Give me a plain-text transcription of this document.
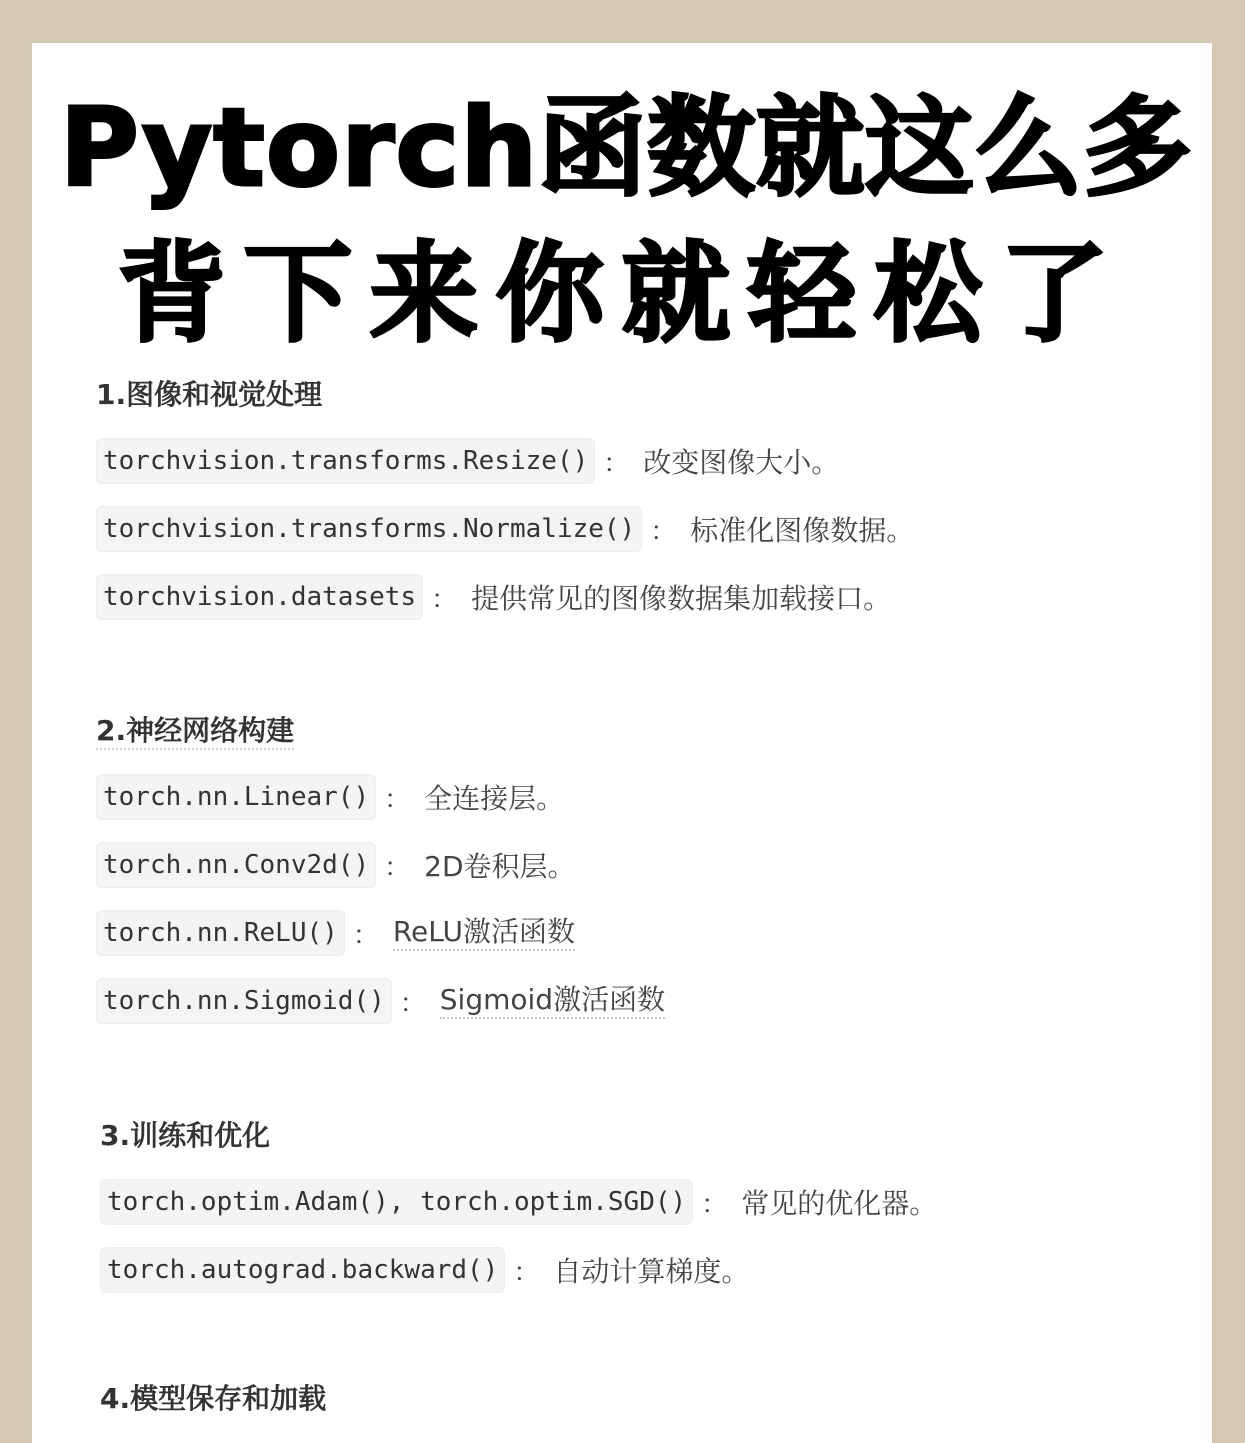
Pytorch函数就这么多
背下来你就轻松了
1.图像和视觉处理
torchvision.transforms.Resize() ： 改变图像大小。
torchvision.transforms.Normalize() ： 标准化图像数据。
torchvision.datasets ： 提供常见的图像数据集加载接口。
2.神经网络构建
torch.nn.Linear() ： 全连接层。
torch.nn.Conv2d() ： 2D卷积层。
torch.nn.ReLU() ： ReLU激活函数
torch.nn.Sigmoid() ： Sigmoid激活函数
3.训练和优化
torch.optim.Adam(), torch.optim.SGD() ： 常见的优化器。
torch.autograd.backward() ： 自动计算梯度。
4.模型保存和加载
